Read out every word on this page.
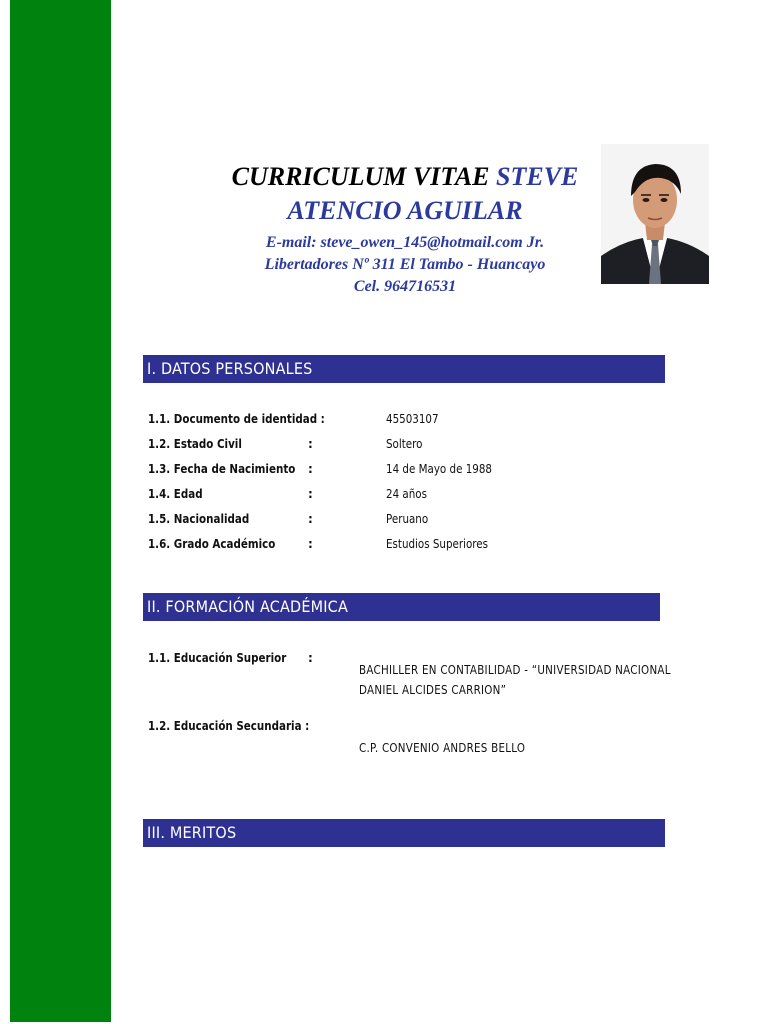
CURRICULUM VITAE STEVE
ATENCIO AGUILAR
E-mail: steve_owen_145@hotmail.com Jr.
Libertadores Nº 311 El Tambo - Huancayo
Cel. 964716531
I. DATOS PERSONALES
1.1. Documento de identidad :	45503107
1.2. Estado Civil	:	Soltero
1.3. Fecha de Nacimiento :	14 de Mayo de 1988
1.4. Edad	:	24 años
1.5. Nacionalidad	:	Peruano
1.6. Grado Académico	:	Estudios Superiores
II. FORMACIÓN ACADÉMICA
1.1. Educación Superior :
BACHILLER EN CONTABILIDAD - “UNIVERSIDAD NACIONAL
DANIEL ALCIDES CARRION”
1.2. Educación Secundaria :
C.P. CONVENIO ANDRES BELLO
III. MERITOS
